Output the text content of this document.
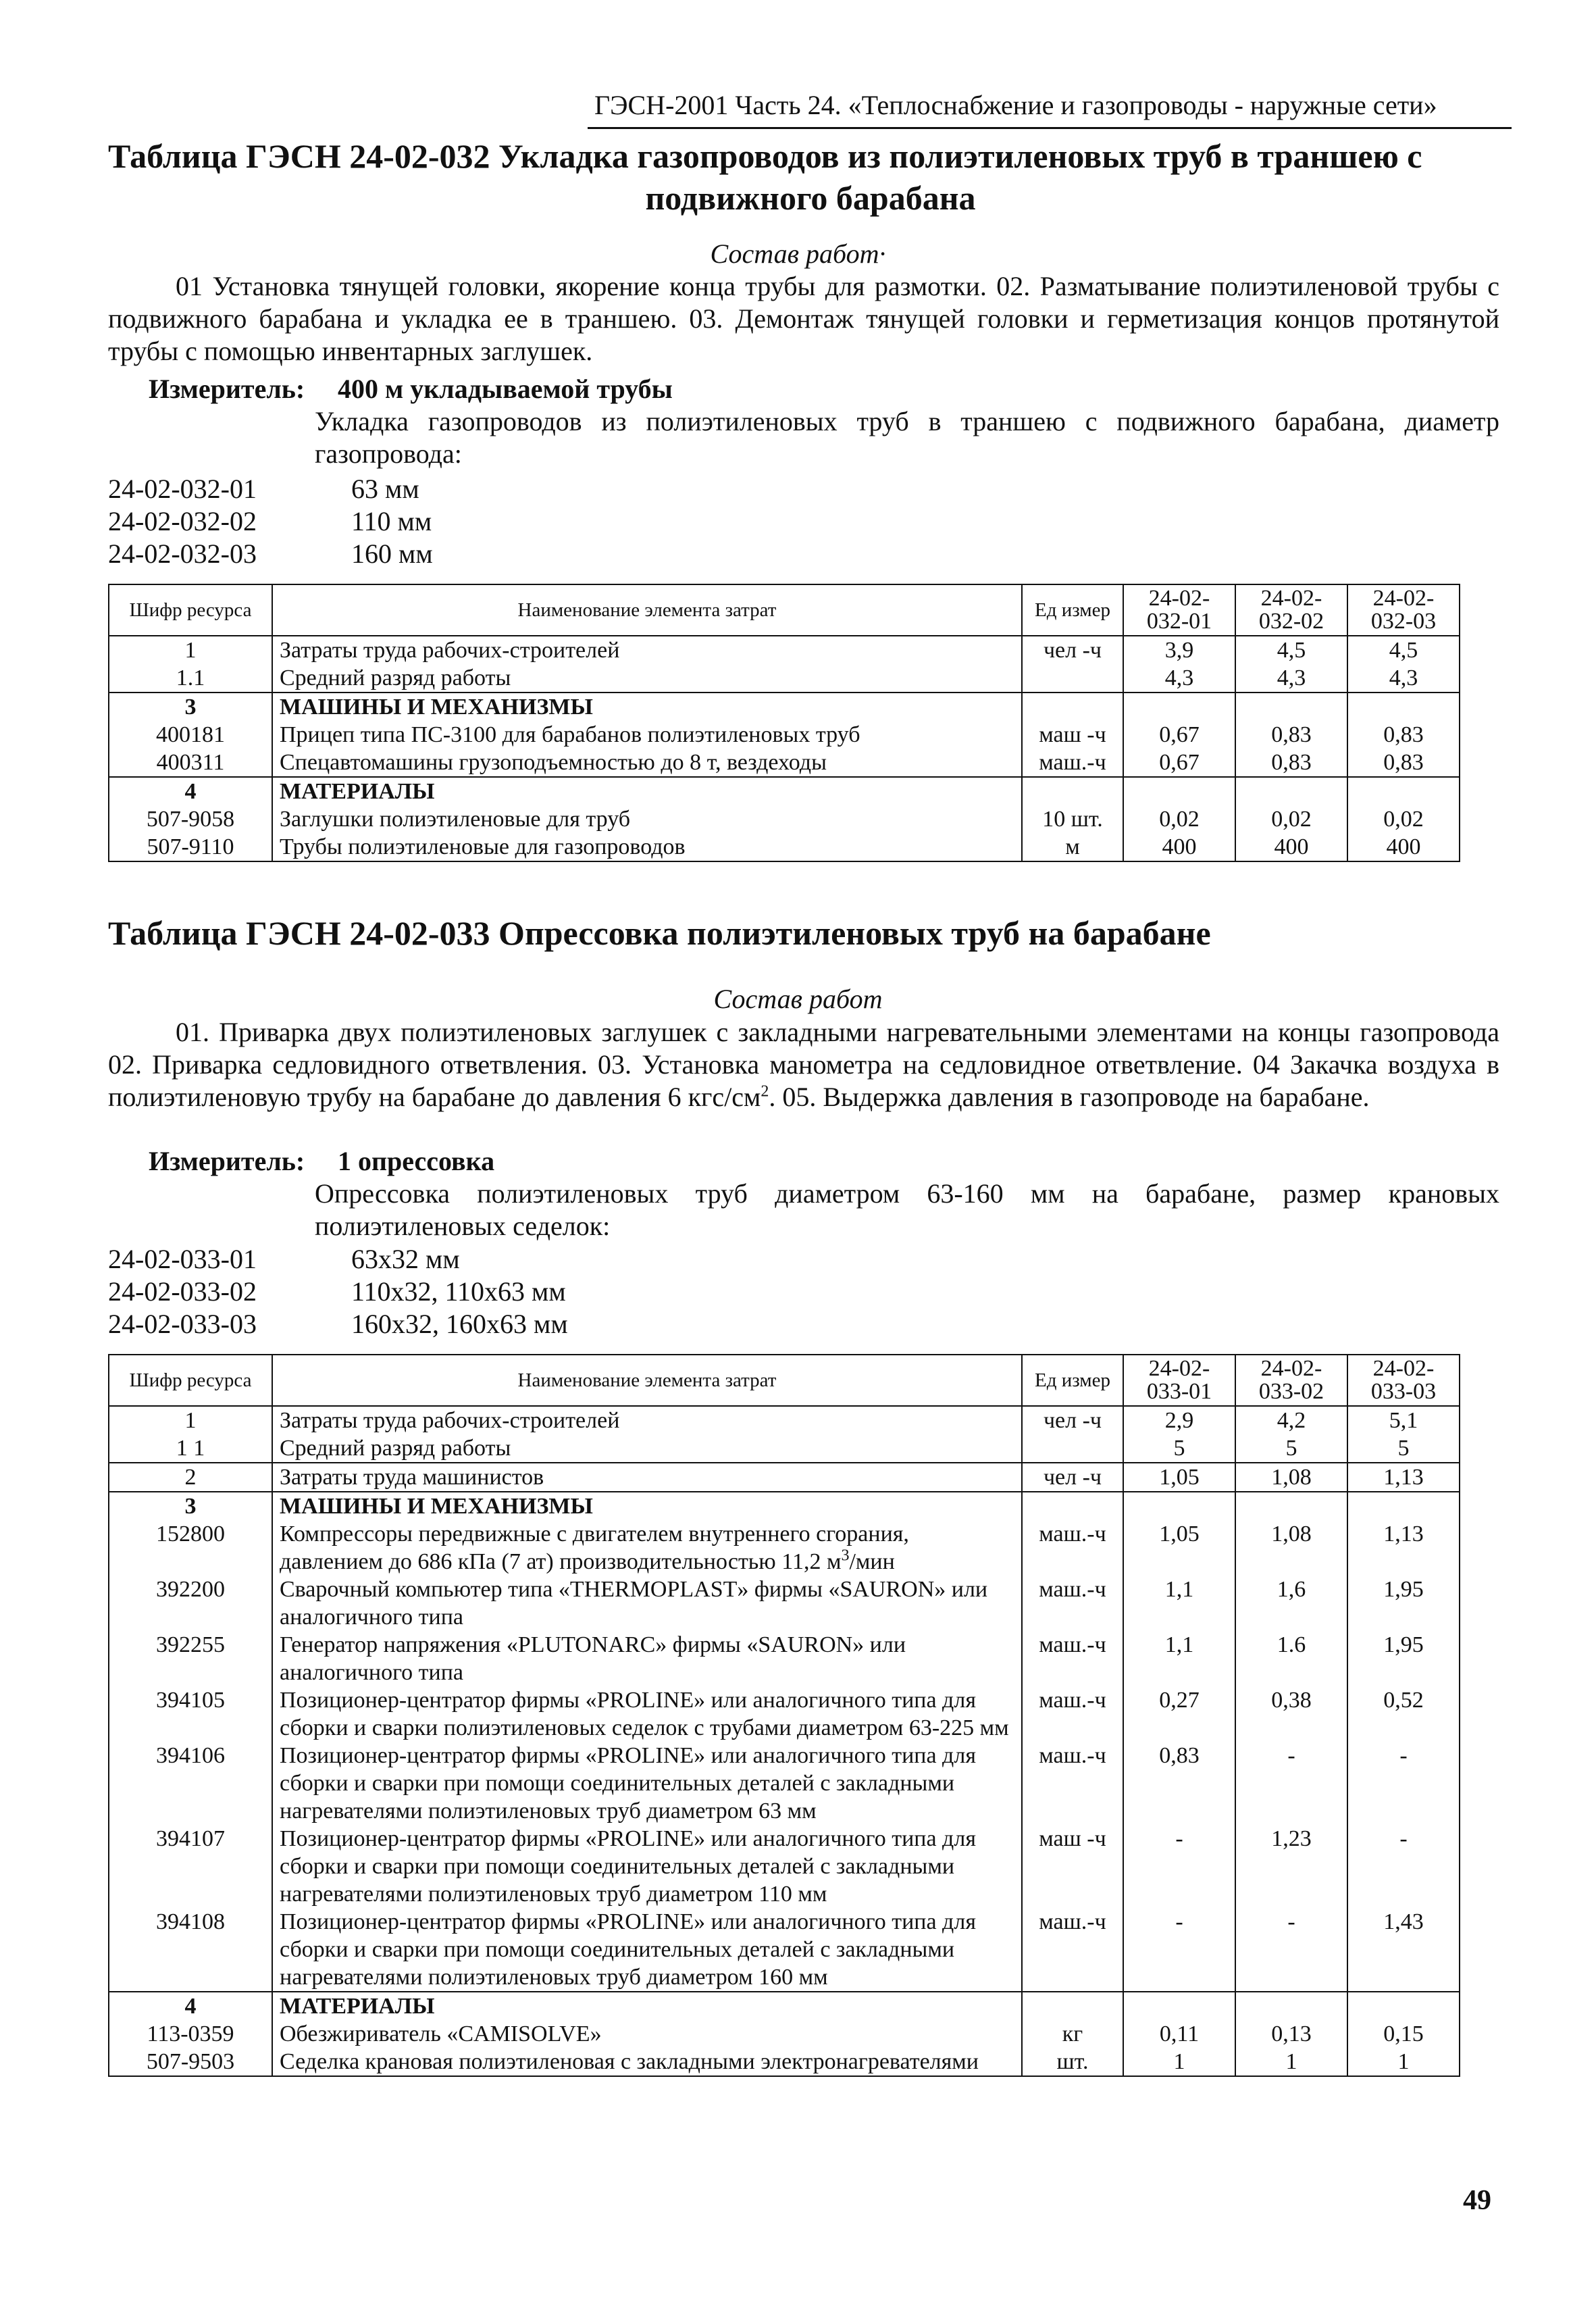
ГЭСН-2001 Часть 24. «Теплоснабжение и газопроводы - наружные сети»
Таблица ГЭСН 24-02-032 Укладка газопроводов из полиэтиленовых труб в траншею с
подвижного барабана
Состав работ·
01 Установка тянущей головки, якорение конца трубы для размотки. 02. Разматывание полиэтиленовой трубы с подвижного барабана и укладка ее в траншею. 03. Демонтаж тянущей головки и герметизация концов протянутой трубы с помощью инвентарных заглушек.
Измеритель: 400 м укладываемой трубы
Укладка газопроводов из полиэтиленовых труб в траншею с подвижного барабана, диаметр газопровода:
24-02-032-01	63 мм
24-02-032-02	110 мм
24-02-032-03	160 мм
Шифр ресурса	Наименование элемента затрат	Ед измер	24-02-032-01	24-02-032-02	24-02-032-03
1	Затраты труда рабочих-строителей	чел -ч	3,9	4,5	4,5
1.1	Средний разряд работы		4,3	4,3	4,3
3	МАШИНЫ И МЕХАНИЗМЫ				
400181	Прицеп типа ПС-3100 для барабанов полиэтиленовых труб	маш -ч	0,67	0,83	0,83
400311	Спецавтомашины грузоподъемностью до 8 т, вездеходы	маш.-ч	0,67	0,83	0,83
4	МАТЕРИАЛЫ				
507-9058	Заглушки полиэтиленовые для труб	10 шт.	0,02	0,02	0,02
507-9110	Трубы полиэтиленовые для газопроводов	м	400	400	400
Таблица ГЭСН 24-02-033 Опрессовка полиэтиленовых труб на барабане
Состав работ
01. Приварка двух полиэтиленовых заглушек с закладными нагревательными элементами на концы газопровода 02. Приварка седловидного ответвления. 03. Установка манометра на седловидное ответвление. 04 Закачка воздуха в полиэтиленовую трубу на барабане до давления 6 кгс/$см^2$. 05. Выдержка давления в газопроводе на барабане.
Измеритель: 1 опрессовка
Опрессовка полиэтиленовых труб диаметром 63-160 мм на барабане, размер крановых полиэтиленовых седелок:
24-02-033-01	63х32 мм
24-02-033-02	110х32, 110х63 мм
24-02-033-03	160х32, 160х63 мм
Шифр ресурса	Наименование элемента затрат	Ед измер	24-02-033-01	24-02-033-02	24-02-033-03
1	Затраты труда рабочих-строителей	чел -ч	2,9	4,2	5,1
1 1	Средний разряд работы		5	5	5
2	Затраты труда машинистов	чел -ч	1,05	1,08	1,13
3	МАШИНЫ И МЕХАНИЗМЫ				
152800	Компрессоры передвижные с двигателем внутреннего сгорания, давлением до 686 кПа (7 ат) производительностью 11,2 $м^3$/мин	маш.-ч	1,05	1,08	1,13
392200	Сварочный компьютер типа «THERMOPLAST» фирмы «SAURON» или аналогичного типа	маш.-ч	1,1	1,6	1,95
392255	Генератор напряжения «PLUTONARC» фирмы «SAURON» или аналогичного типа	маш.-ч	1,1	1.6	1,95
394105	Позиционер-центратор фирмы «PROLINE» или аналогичного типа для сборки и сварки полиэтиленовых седелок с трубами диаметром 63-225 мм	маш.-ч	0,27	0,38	0,52
394106	Позиционер-центратор фирмы «PROLINE» или аналогичного типа для сборки и сварки при помощи соединительных деталей с закладными нагревателями полиэтиленовых труб диаметром 63 мм	маш.-ч	0,83	-	-
394107	Позиционер-центратор фирмы «PROLINE» или аналогичного типа для сборки и сварки при помощи соединительных деталей с закладными нагревателями полиэтиленовых труб диаметром 110 мм	маш -ч	-	1,23	-
394108	Позиционер-центратор фирмы «PROLINE» или аналогичного типа для сборки и сварки при помощи соединительных деталей с закладными нагревателями полиэтиленовых труб диаметром 160 мм	маш.-ч	-	-	1,43
4	МАТЕРИАЛЫ				
113-0359	Обезжириватель «CAMISOLVE»	кг	0,11	0,13	0,15
507-9503	Седелка крановая полиэтиленовая с закладными электронагревателями	шт.	1	1	1
49
